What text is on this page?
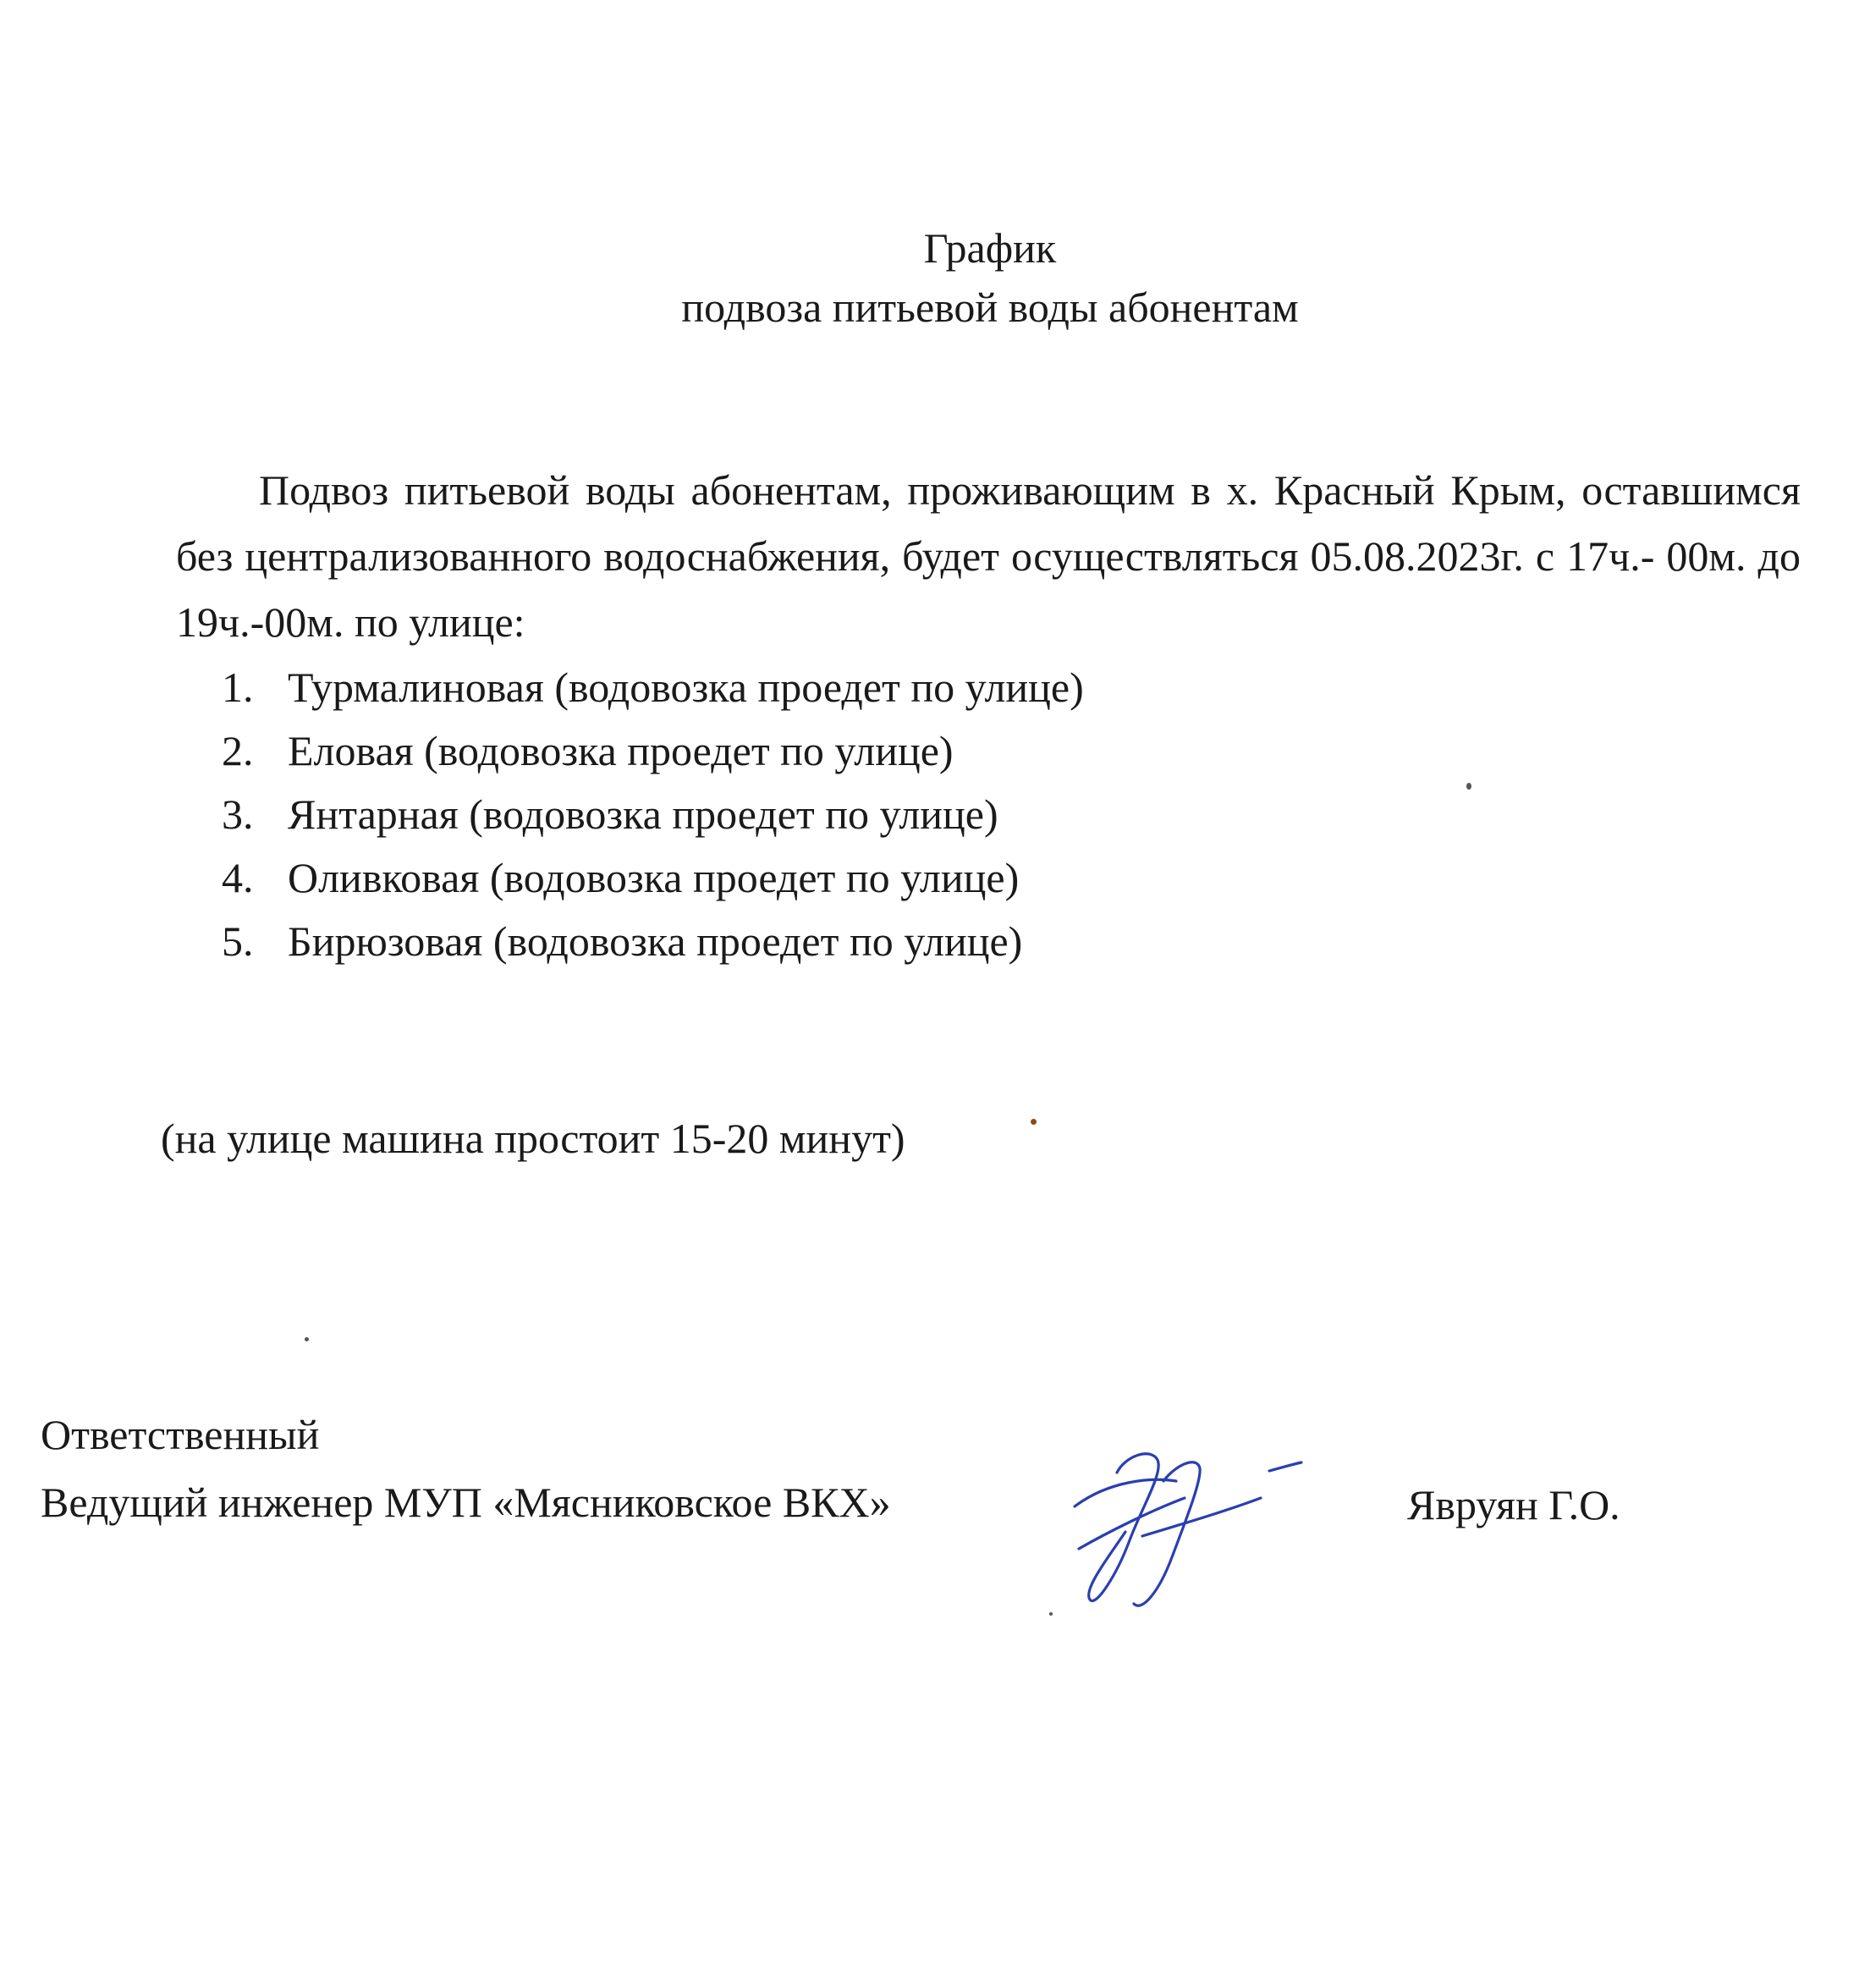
График
подвоза питьевой воды абонентам
Подвоз питьевой воды абонентам, проживающим в х. Красный Крым, оставшимся без централизованного водоснабжения, будет осуществляться 05.08.2023г. с 17ч.- 00м. до 19ч.-00м. по улице:
1. Турмалиновая (водовозка проедет по улице)
2. Еловая (водовозка проедет по улице)
3. Янтарная (водовозка проедет по улице)
4. Оливковая (водовозка проедет по улице)
5. Бирюзовая (водовозка проедет по улице)
(на улице машина простоит 15-20 минут)
Ответственный
Ведущий инженер МУП «Мясниковское ВКХ»	Явруян Г.О.
